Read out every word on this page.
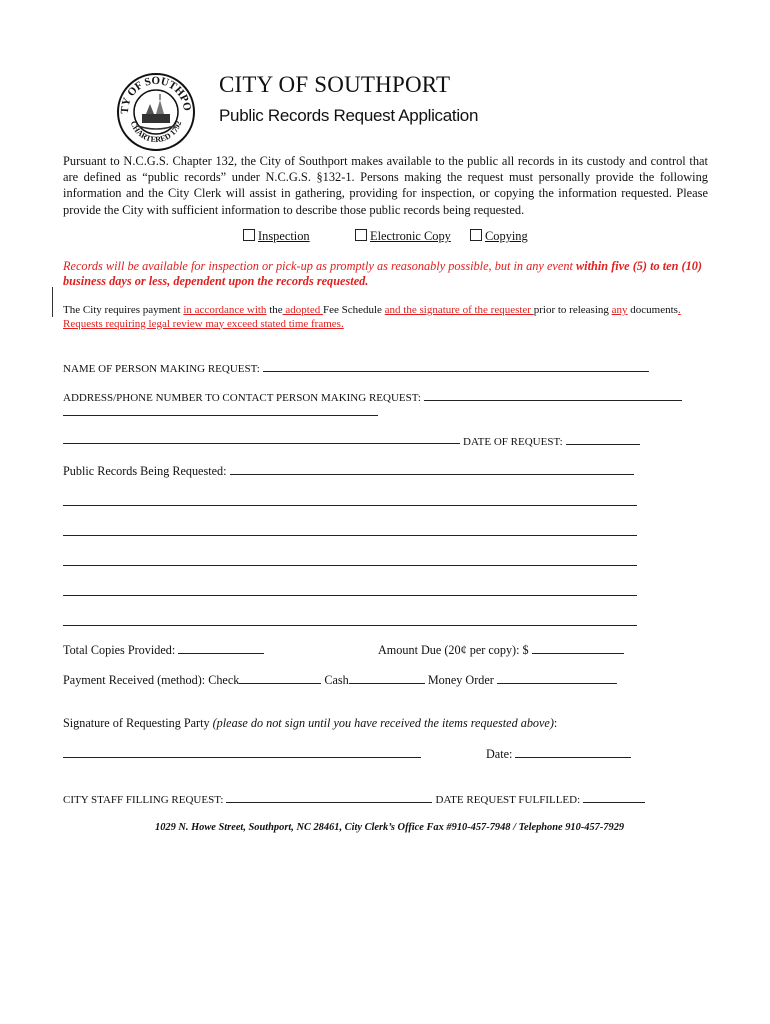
TY OF SOUTHPO
CHARTERED 1792
CITY OF SOUTHPORT
Public Records Request Application
Pursuant to N.C.G.S. Chapter 132, the City of Southport makes available to the public all records in its custody and control that are defined as “public records” under N.C.G.S. §132-1. Persons making the request must personally provide the following information and the City Clerk will assist in gathering, providing for inspection, or copying the information requested. Please provide the City with sufficient information to describe those public records being requested.
Inspection	Electronic Copy	Copying
Records will be available for inspection or pick-up as promptly as reasonably possible, but in any event within five (5) to ten (10) business days or less, dependent upon the records requested.
The City requires payment in accordance with the adopted Fee Schedule and the signature of the requester prior to releasing any documents.
Requests requiring legal review may exceed stated time frames.
NAME OF PERSON MAKING REQUEST:
ADDRESS/PHONE NUMBER TO CONTACT PERSON MAKING REQUEST:
DATE OF REQUEST:
Public Records Being Requested:
Total Copies Provided:	Amount Due (20¢ per copy): $
Payment Received (method): Check	Cash	Money Order
Signature of Requesting Party (please do not sign until you have received the items requested above):
Date:
CITY STAFF FILLING REQUEST:	DATE REQUEST FULFILLED:
1029 N. Howe Street, Southport, NC 28461, City Clerk’s Office Fax #910-457-7948 / Telephone 910-457-7929
